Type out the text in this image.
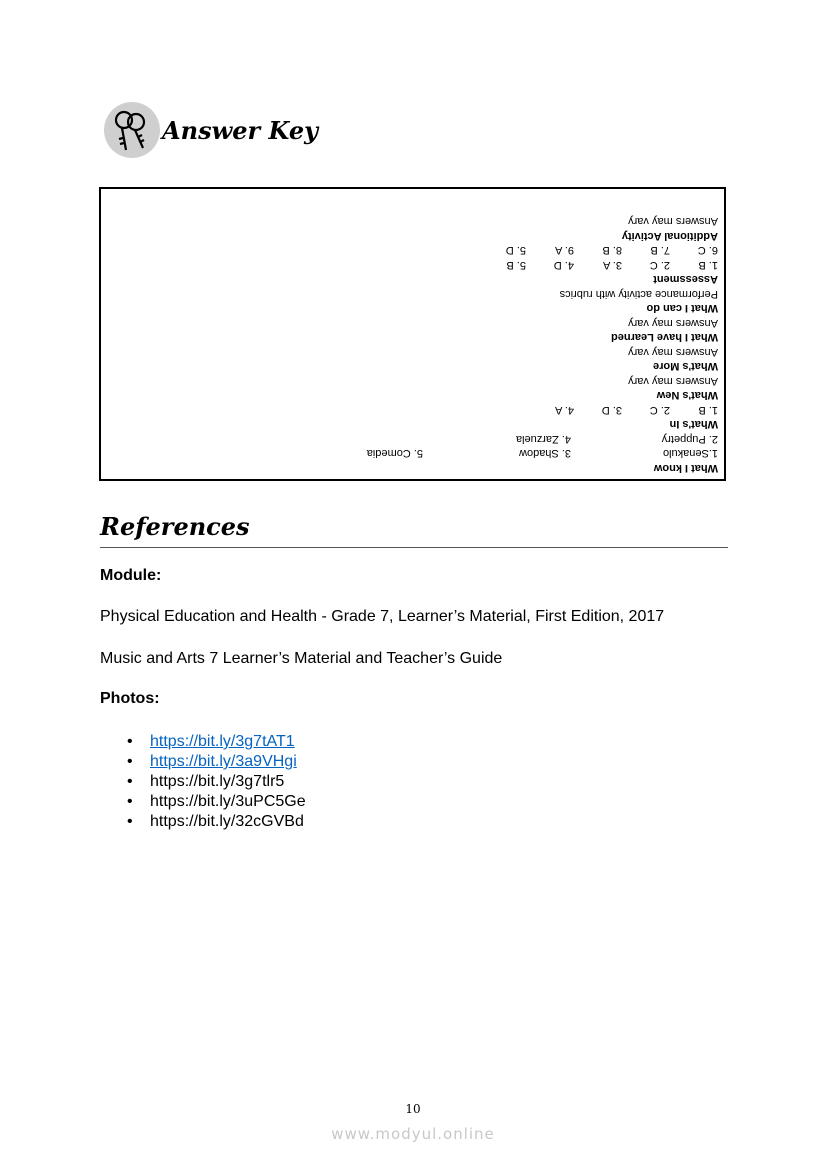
Answer Key
What I know
1.Senakulo
3. Shadow
5. Comedia
2. Puppetry
4. Zarzuela
What's In
1. B
2. C
3. D
4. A
What's New
Answers may vary
What's More
Answers may vary
What I have Learned
Answers may vary
What I can do
Performance activity with rubrics
Assessment
1. B
2. C
3. A
4. D
5. B
6. C
7. B
8. B
9. A
5. D
Additional Activity
Answers may vary
References
Module:
Physical Education and Health - Grade 7, Learner’s Material, First Edition, 2017
Music and Arts 7 Learner’s Material and Teacher’s Guide
Photos:
• https://bit.ly/3g7tAT1
• https://bit.ly/3a9VHgi
• https://bit.ly/3g7tlr5
• https://bit.ly/3uPC5Ge
• https://bit.ly/32cGVBd
10
www.modyul.online
